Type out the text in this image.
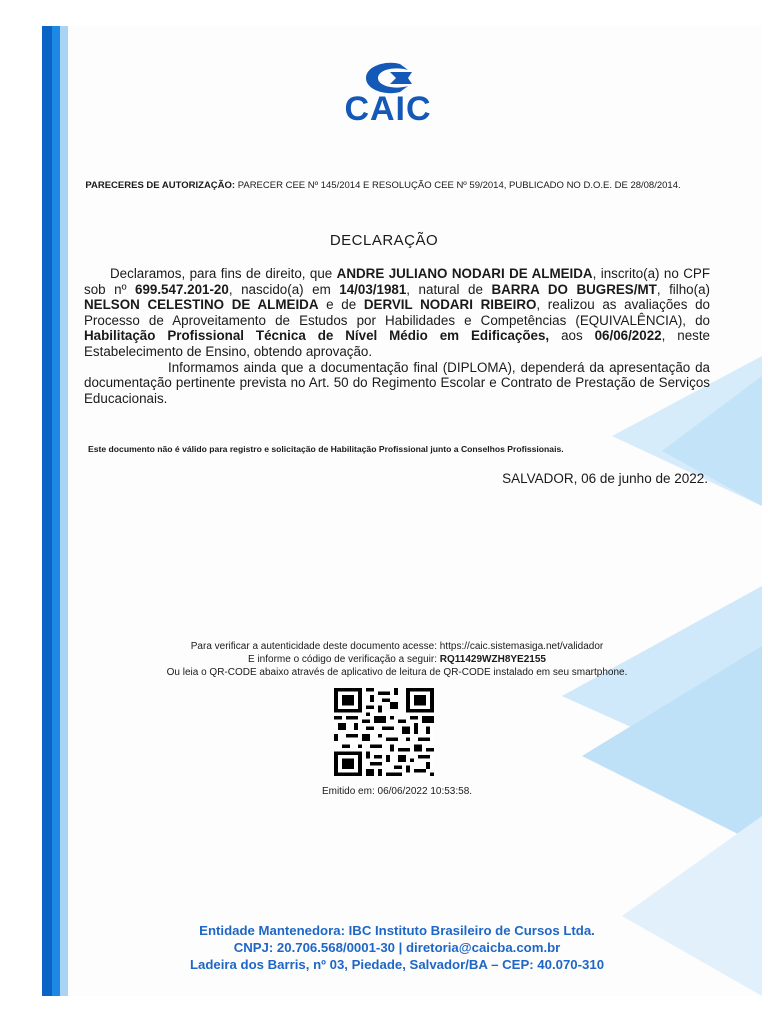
CAIC
PARECERES DE AUTORIZAÇÃO: PARECER CEE Nº 145/2014 E RESOLUÇÃO CEE Nº 59/2014, PUBLICADO NO D.O.E. DE 28/08/2014.
DECLARAÇÃO

Declaramos, para fins de direito, que ANDRE JULIANO NODARI DE ALMEIDA, inscrito(a) no CPF sob nº 699.547.201-20, nascido(a) em 14/03/1981, natural de BARRA DO BUGRES/MT, filho(a) NELSON CELESTINO DE ALMEIDA e de DERVIL NODARI RIBEIRO, realizou as avaliações do Processo de Aproveitamento de Estudos por Habilidades e Competências (EQUIVALÊNCIA), do Habilitação Profissional Técnica de Nível Médio em Edificações, aos 06/06/2022, neste Estabelecimento de Ensino, obtendo aprovação.

Informamos ainda que a documentação final (DIPLOMA), dependerá da apresentação da documentação pertinente prevista no Art. 50 do Regimento Escolar e Contrato de Prestação de Serviços Educacionais.

Este documento não é válido para registro e solicitação de Habilitação Profissional junto a Conselhos Profissionais.
SALVADOR, 06 de junho de 2022.

Para verificar a autenticidade deste documento acesse: https://caic.sistemasiga.net/validador

E informe o código de verificação a seguir: RQ11429WZH8YE2155

Ou leia o QR-CODE abaixo através de aplicativo de leitura de QR-CODE instalado em seu smartphone.

Emitido em: 06/06/2022 10:53:58.

Entidade Mantenedora: IBC Instituto Brasileiro de Cursos Ltda.

CNPJ: 20.706.568/0001-30 | diretoria@caicba.com.br

Ladeira dos Barris, nº 03, Piedade, Salvador/BA – CEP: 40.070-310
